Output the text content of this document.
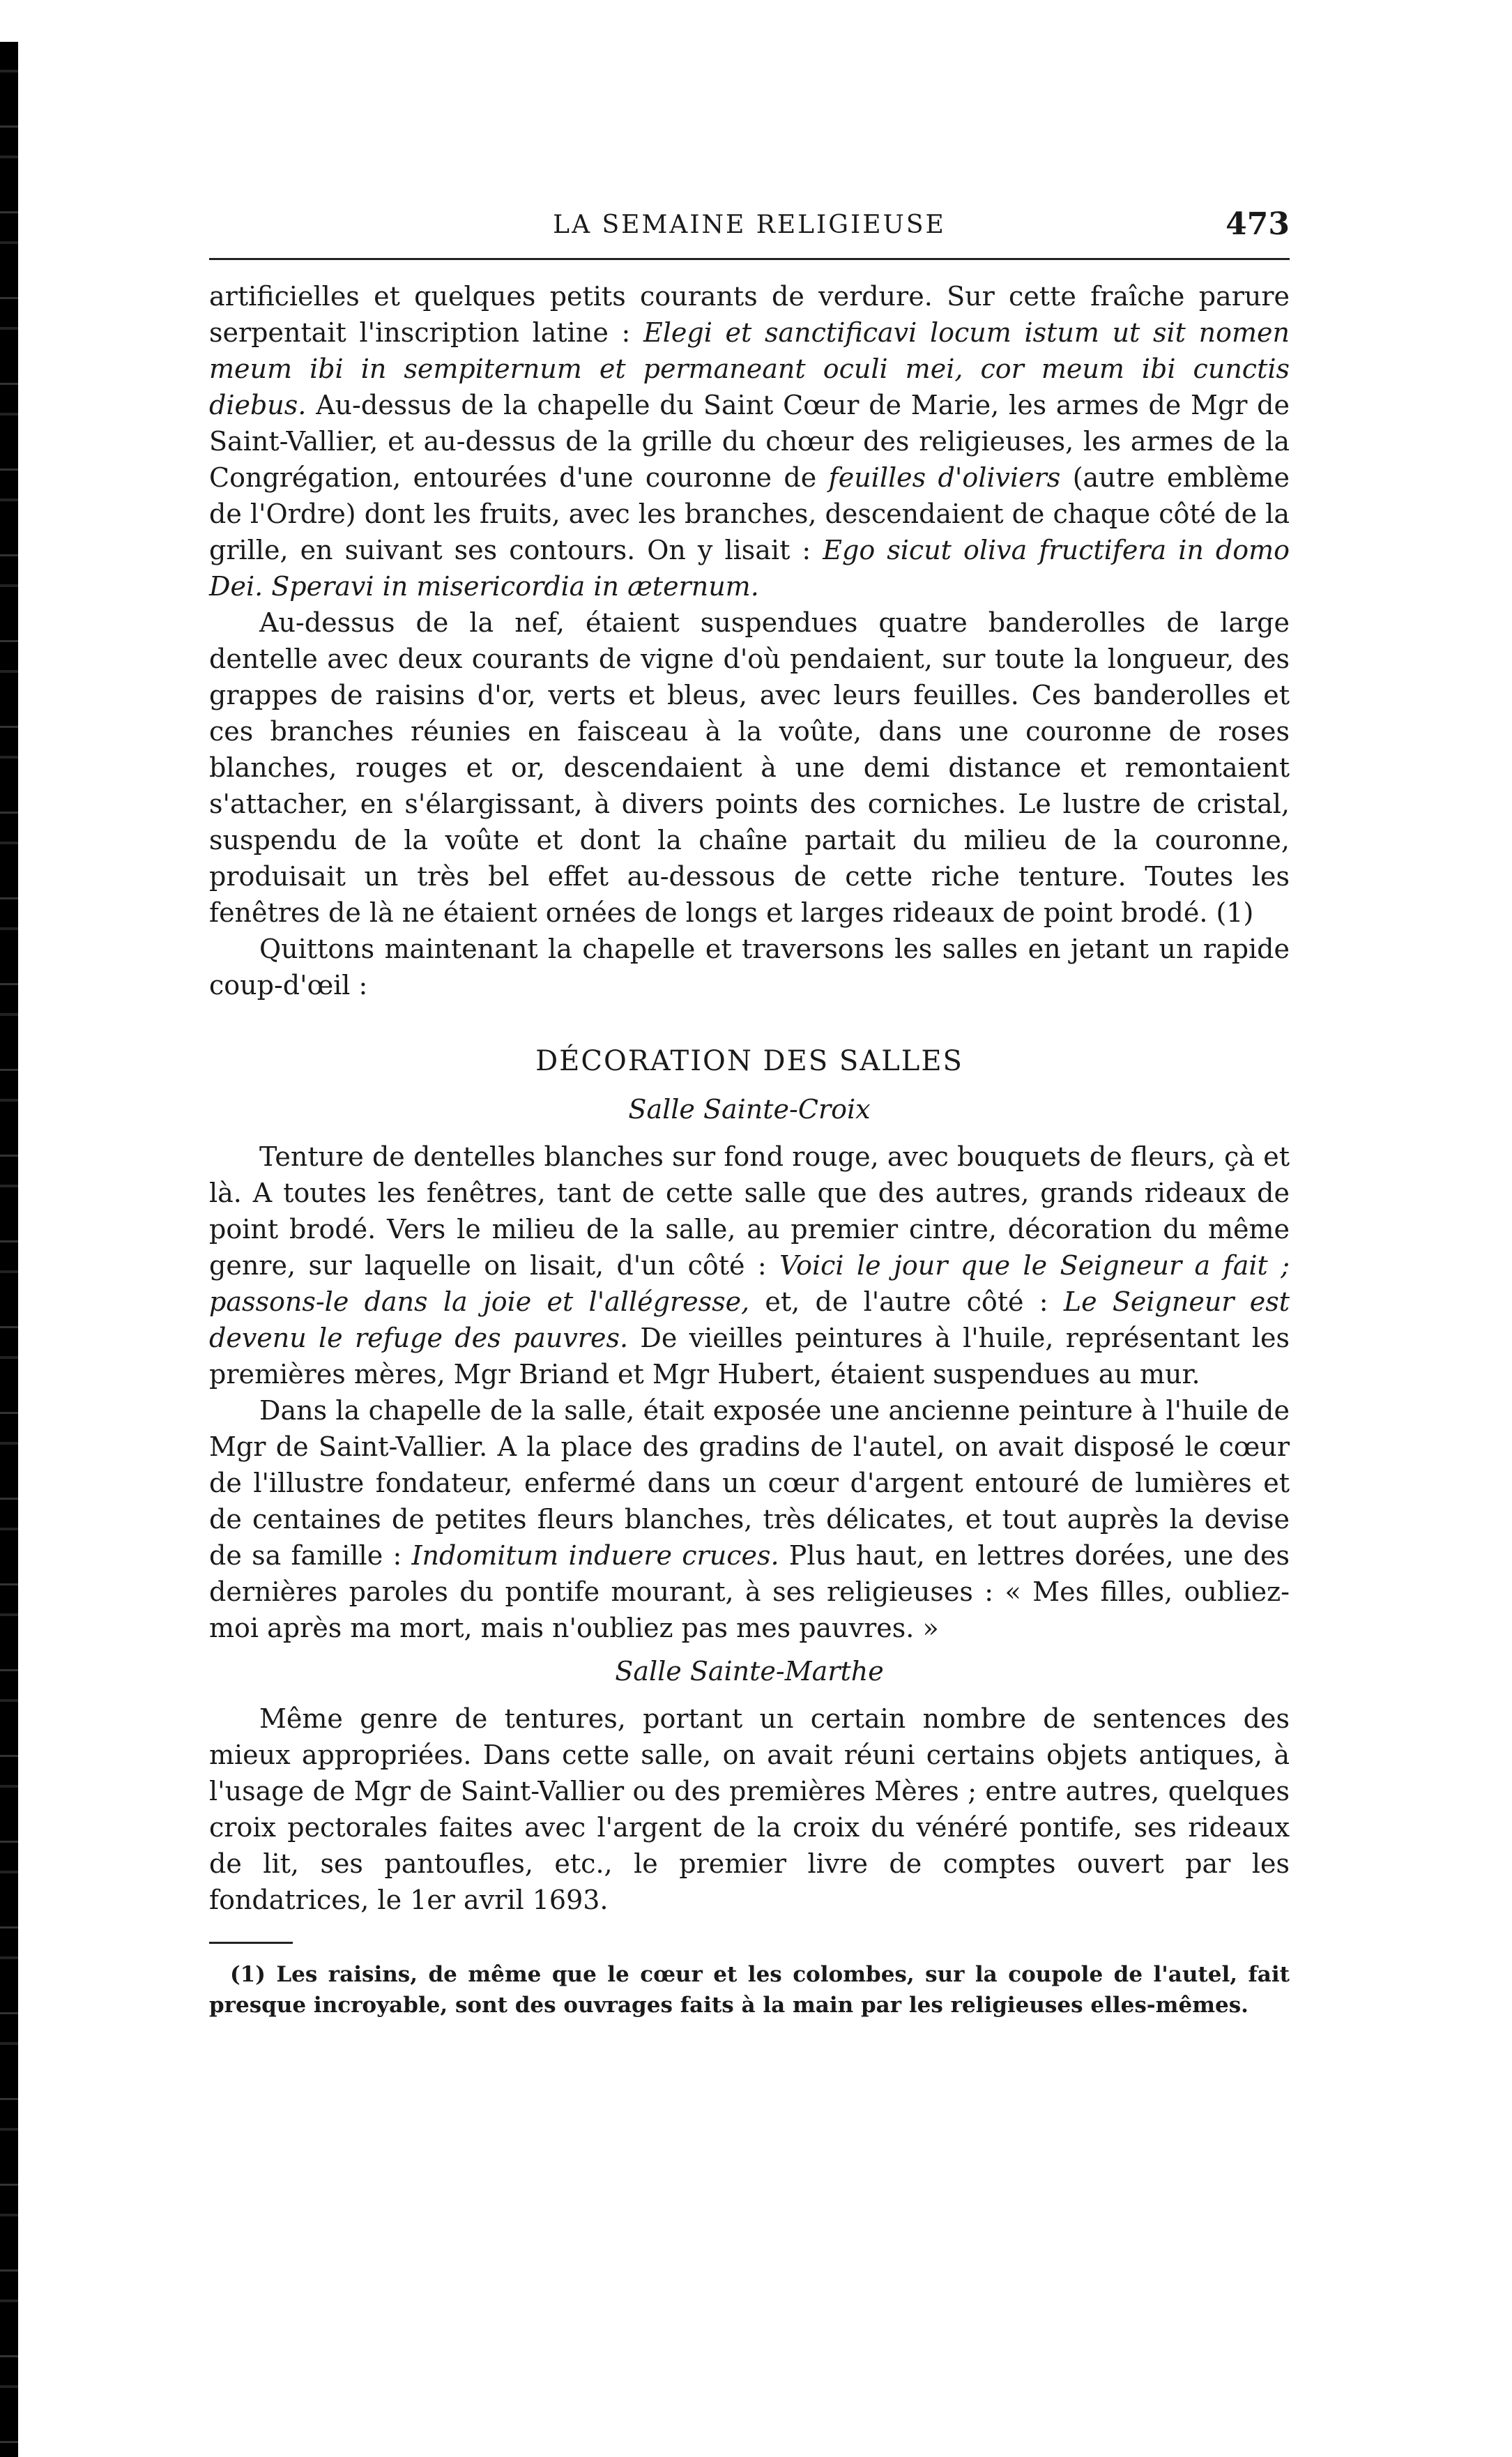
LA SEMAINE RELIGIEUSE	473

artificielles et quelques petits courants de verdure. Sur cette fraîche parure serpentait l'inscription latine : Elegi et sanctificavi locum istum ut sit nomen meum ibi in sempiternum et permaneant oculi mei, cor meum ibi cunctis diebus. Au-dessus de la chapelle du Saint Cœur de Marie, les armes de Mgr de Saint-Vallier, et au-dessus de la grille du chœur des religieuses, les armes de la Congrégation, entourées d'une couronne de feuilles d'oliviers (autre emblème de l'Ordre) dont les fruits, avec les branches, descendaient de chaque côté de la grille, en suivant ses contours. On y lisait : Ego sicut oliva fructifera in domo Dei. Speravi in misericordia in æternum.

Au-dessus de la nef, étaient suspendues quatre banderolles de large dentelle avec deux courants de vigne d'où pendaient, sur toute la longueur, des grappes de raisins d'or, verts et bleus, avec leurs feuilles. Ces banderolles et ces branches réunies en faisceau à la voûte, dans une couronne de roses blanches, rouges et or, descendaient à une demi distance et remontaient s'attacher, en s'élargissant, à divers points des corniches. Le lustre de cristal, suspendu de la voûte et dont la chaîne partait du milieu de la couronne, produisait un très bel effet au-dessous de cette riche tenture. Toutes les fenêtres de là ne étaient ornées de longs et larges rideaux de point brodé. (1)

Quittons maintenant la chapelle et traversons les salles en jetant un rapide coup-d'œil :

DÉCORATION DES SALLES
Salle Sainte-Croix

Tenture de dentelles blanches sur fond rouge, avec bouquets de fleurs, çà et là. A toutes les fenêtres, tant de cette salle que des autres, grands rideaux de point brodé. Vers le milieu de la salle, au premier cintre, décoration du même genre, sur laquelle on lisait, d'un côté : Voici le jour que le Seigneur a fait ; passons-le dans la joie et l'allégresse, et, de l'autre côté : Le Seigneur est devenu le refuge des pauvres. De vieilles peintures à l'huile, représentant les premières mères, Mgr Briand et Mgr Hubert, étaient suspendues au mur.

Dans la chapelle de la salle, était exposée une ancienne peinture à l'huile de Mgr de Saint-Vallier. A la place des gradins de l'autel, on avait disposé le cœur de l'illustre fondateur, enfermé dans un cœur d'argent entouré de lumières et de centaines de petites fleurs blanches, très délicates, et tout auprès la devise de sa famille : Indomitum induere cruces. Plus haut, en lettres dorées, une des dernières paroles du pontife mourant, à ses religieuses : « Mes filles, oubliez-moi après ma mort, mais n'oubliez pas mes pauvres. »

Salle Sainte-Marthe

Même genre de tentures, portant un certain nombre de sentences des mieux appropriées. Dans cette salle, on avait réuni certains objets antiques, à l'usage de Mgr de Saint-Vallier ou des premières Mères ; entre autres, quelques croix pectorales faites avec l'argent de la croix du vénéré pontife, ses rideaux de lit, ses pantoufles, etc., le premier livre de comptes ouvert par les fondatrices, le 1er avril 1693.

(1) Les raisins, de même que le cœur et les colombes, sur la coupole de l'autel, fait presque incroyable, sont des ouvrages faits à la main par les religieuses elles-mêmes.
